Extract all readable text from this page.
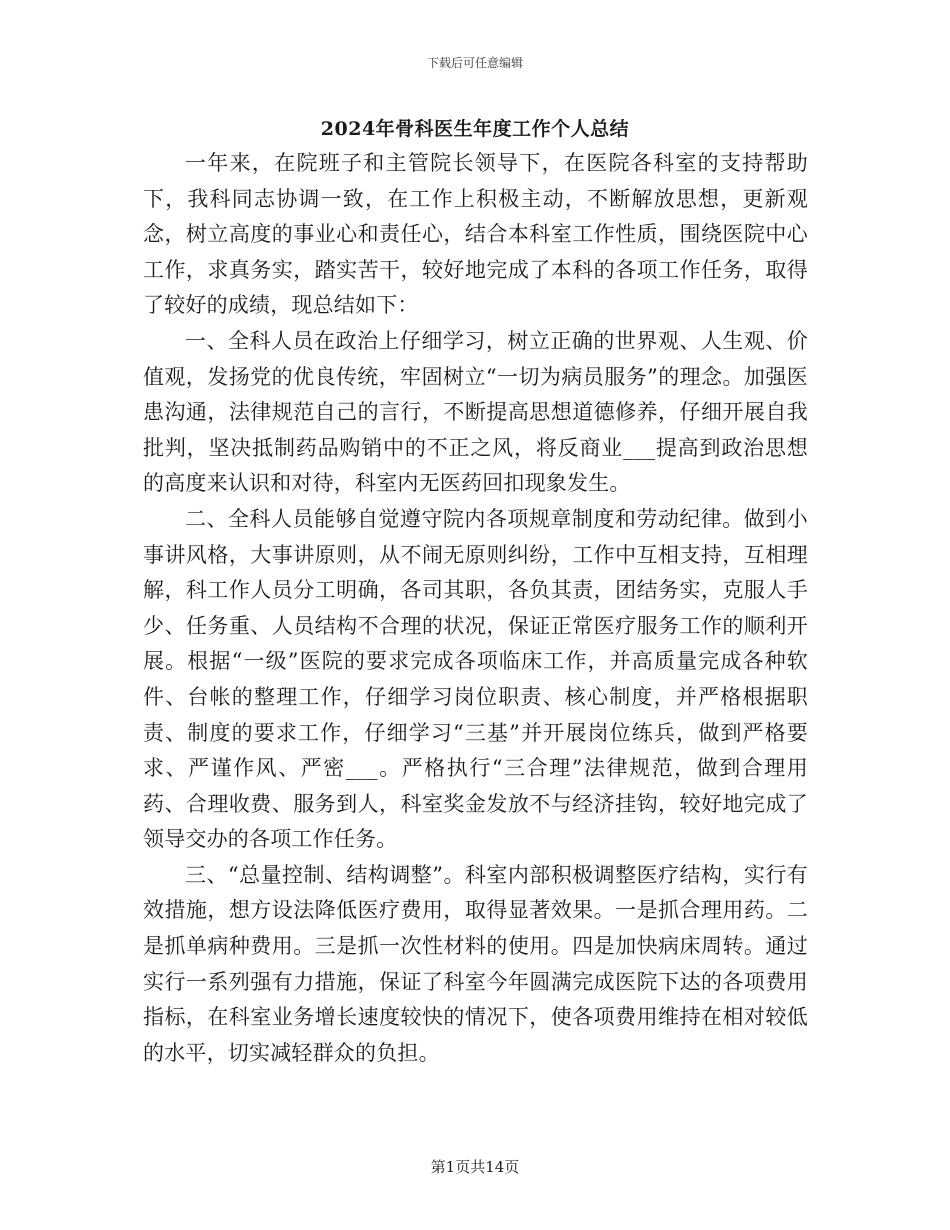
下载后可任意编辑
2024年骨科医生年度工作个人总结

一年来，在院班子和主管院长领导下，在医院各科室的支持帮助下，我科同志协调一致，在工作上积极主动，不断解放思想，更新观念，树立高度的事业心和责任心，结合本科室工作性质，围绕医院中心工作，求真务实，踏实苦干，较好地完成了本科的各项工作任务，取得了较好的成绩，现总结如下：

一、全科人员在政治上仔细学习，树立正确的世界观、人生观、价值观，发扬党的优良传统，牢固树立“一切为病员服务”的理念。加强医患沟通，法律规范自己的言行，不断提高思想道德修养，仔细开展自我批判，坚决抵制药品购销中的不正之风，将反商业___提高到政治思想的高度来认识和对待，科室内无医药回扣现象发生。

二、全科人员能够自觉遵守院内各项规章制度和劳动纪律。做到小事讲风格，大事讲原则，从不闹无原则纠纷，工作中互相支持，互相理解，科工作人员分工明确，各司其职，各负其责，团结务实，克服人手少、任务重、人员结构不合理的状况，保证正常医疗服务工作的顺利开展。根据“一级”医院的要求完成各项临床工作，并高质量完成各种软件、台帐的整理工作，仔细学习岗位职责、核心制度，并严格根据职责、制度的要求工作，仔细学习“三基”并开展岗位练兵，做到严格要求、严谨作风、严密___。严格执行“三合理”法律规范，做到合理用药、合理收费、服务到人，科室奖金发放不与经济挂钩，较好地完成了领导交办的各项工作任务。

三、“总量控制、结构调整”。科室内部积极调整医疗结构，实行有效措施，想方设法降低医疗费用，取得显著效果。一是抓合理用药。二是抓单病种费用。三是抓一次性材料的使用。四是加快病床周转。通过实行一系列强有力措施，保证了科室今年圆满完成医院下达的各项费用指标，在科室业务增长速度较快的情况下，使各项费用维持在相对较低的水平，切实减轻群众的负担。

第1页共14页
